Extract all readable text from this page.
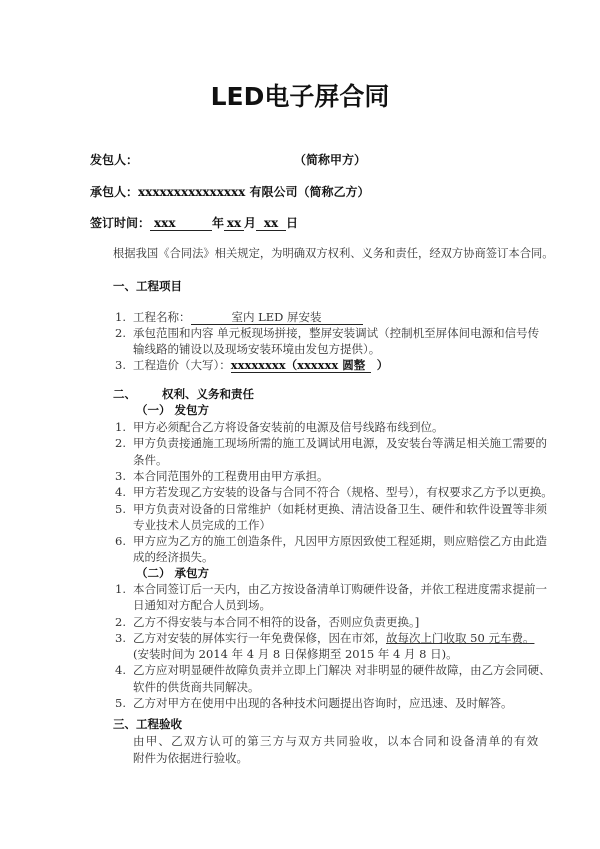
LED电子屏合同
发包人：	（简称甲方）
承包人：xxxxxxxxxxxxxxx 有限公司（简称乙方）
签订时间： xxx	年 xx 月 xx 日
根据我国《合同法》相关规定，为明确双方权利、义务和责任，经双方协商签订本合同。
一、工程项目
1. 工程名称：	室内 LED 屏安装
2. 承包范围和内容 单元板现场拼接，整屏安装调试（控制机至屏体间电源和信号传
输线路的铺设以及现场安装环境由发包方提供）。
3. 工程造价（大写）：xxxxxxxx（xxxxxx 圆整　）
二、 权利、义务和责任
（一） 发包方
1. 甲方必须配合乙方将设备安装前的电源及信号线路布线到位。
2. 甲方负责接通施工现场所需的施工及调试用电源，及安装台等满足相关施工需要的
条件。
3. 本合同范围外的工程费用由甲方承担。
4. 甲方若发现乙方安装的设备与合同不符合（规格、型号），有权要求乙方予以更换。
5. 甲方负责对设备的日常维护（如耗材更换、清洁设备卫生、硬件和软件设置等非须
专业技术人员完成的工作）
6. 甲方应为乙方的施工创造条件，凡因甲方原因致使工程延期，则应赔偿乙方由此造
成的经济损失。
（二） 承包方
1. 本合同签订后一天内，由乙方按设备清单订购硬件设备，并依工程进度需求提前一
日通知对方配合人员到场。
2. 乙方不得安装与本合同不相符的设备，否则应负责更换。]
3. 乙方对安装的屏体实行一年免费保修，因在市郊，故每次上门收取 50 元车费。
(安装时间为 2014 年 4 月 8 日保修期至 2015 年 4 月 8 日)。
4. 乙方应对明显硬件故障负责并立即上门解决 对非明显的硬件故障，由乙方会同硬、
软件的供货商共同解决。
5. 乙方对甲方在使用中出现的各种技术问题提出咨询时，应迅速、及时解答。
三、工程验收
由甲、乙双方认可的第三方与双方共同验收，以本合同和设备清单的有效
附件为依据进行验收。
